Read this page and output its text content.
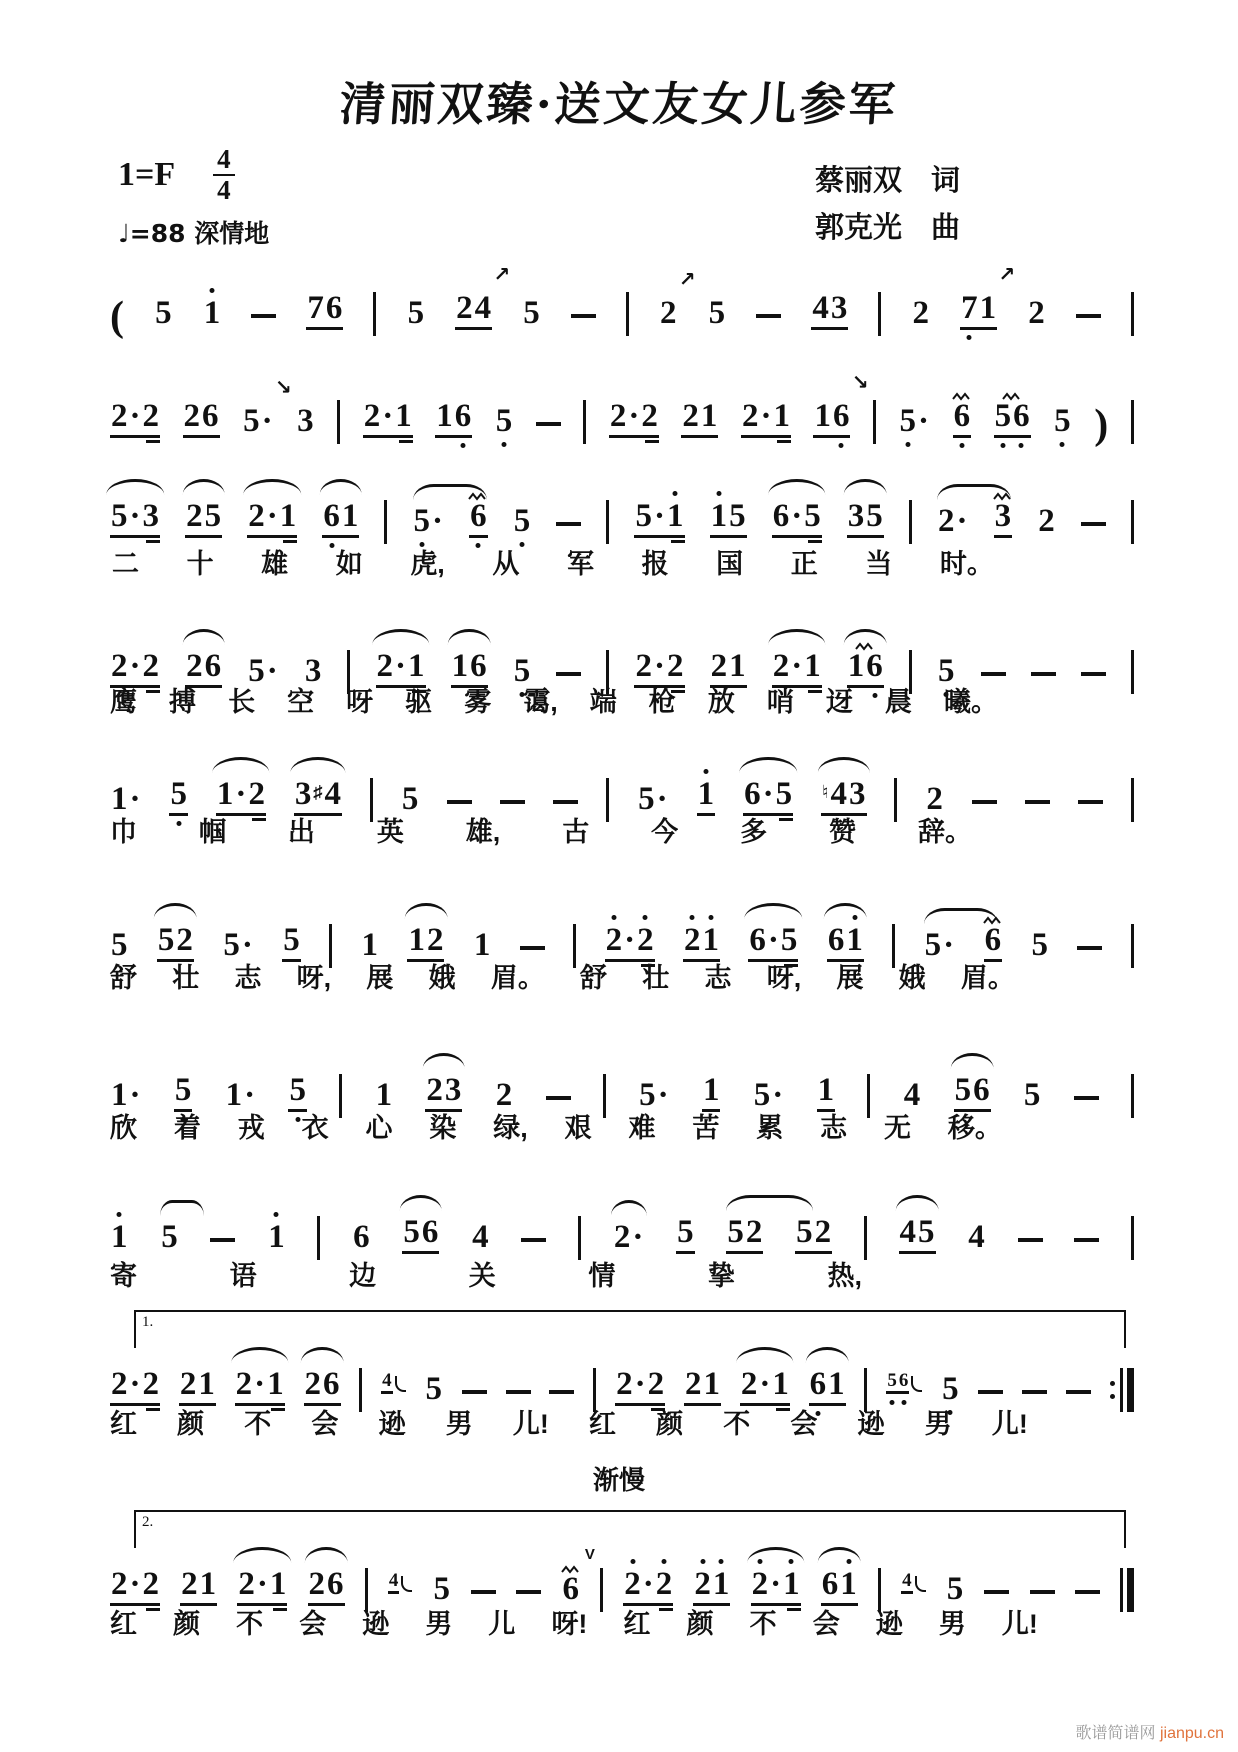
清丽双臻·送文友女儿参军
$1=F \frac{4}{4}$
♩=88 深情地
蔡丽双　词
郭克光　曲
( 5 1	7 6 5
↗
2 4 5
↗
2 5	4 3 2
↗
7 1 2
2 · 2 2 6
↘
5 · 3 2 · 1 1 6 5	2 · 2 2 1 2 · 1
↘
1 6 5 · 6 5 6 5 )
5 · 3 2 5 2 · 1 6 1 5 · 6 5	5 · 1 1 5 6 · 5 3 5 2 · 3 2
二 十 雄 如 虎, 从 军 报 国 正 当 时。
2 · 2 2 6 5 · 3 2 · 1 1 6 5	2 · 2 2 1 2 · 1 1 6 5
鹰 搏 长 空 呀 驱 雾 霭, 端 枪 放 哨 迓 晨 曦。
1 · 5 1 · 2 3 ♯ 4 5	5 · 1 6 · 5 ♮ 4 3 2
巾 帼 出 英 雄, 古 今 多 赞 辞。
5 5 2 5 · 5 1 1 2 1	2 · 2 2 1 6 · 5 6 1 5 · 6 5
舒 壮 志 呀, 展 娥 眉。 舒 壮 志 呀, 展 娥 眉。
1 · 5 1 · 5 1 2 3 2	5 · 1 5 · 1 4 5 6 5
欣 着 戎 衣 心 染 绿, 艰 难 苦 累 志 无 移。
1 5	1 6 5 6 4	2 · 5 5 2 5 2 4 5 4
寄	语	边	关	情	挚	热,
1.
2 · 2 2 1 2 · 1 2 6 4 5	2 · 2 2 1 2 · 1 6 1 5 6 5
红 颜 不 会 逊 男 儿! 红 颜 不 会 逊 男 儿!
2.
2 · 2 2 1 2 · 1 2 6 4 5
V
6 2 · 2 2 1 2 · 1 6 1 4 5
红 颜 不 会 逊 男 儿 呀! 红 颜 不 会 逊 男 儿!
渐慢
歌谱简谱网 jianpu.cn
